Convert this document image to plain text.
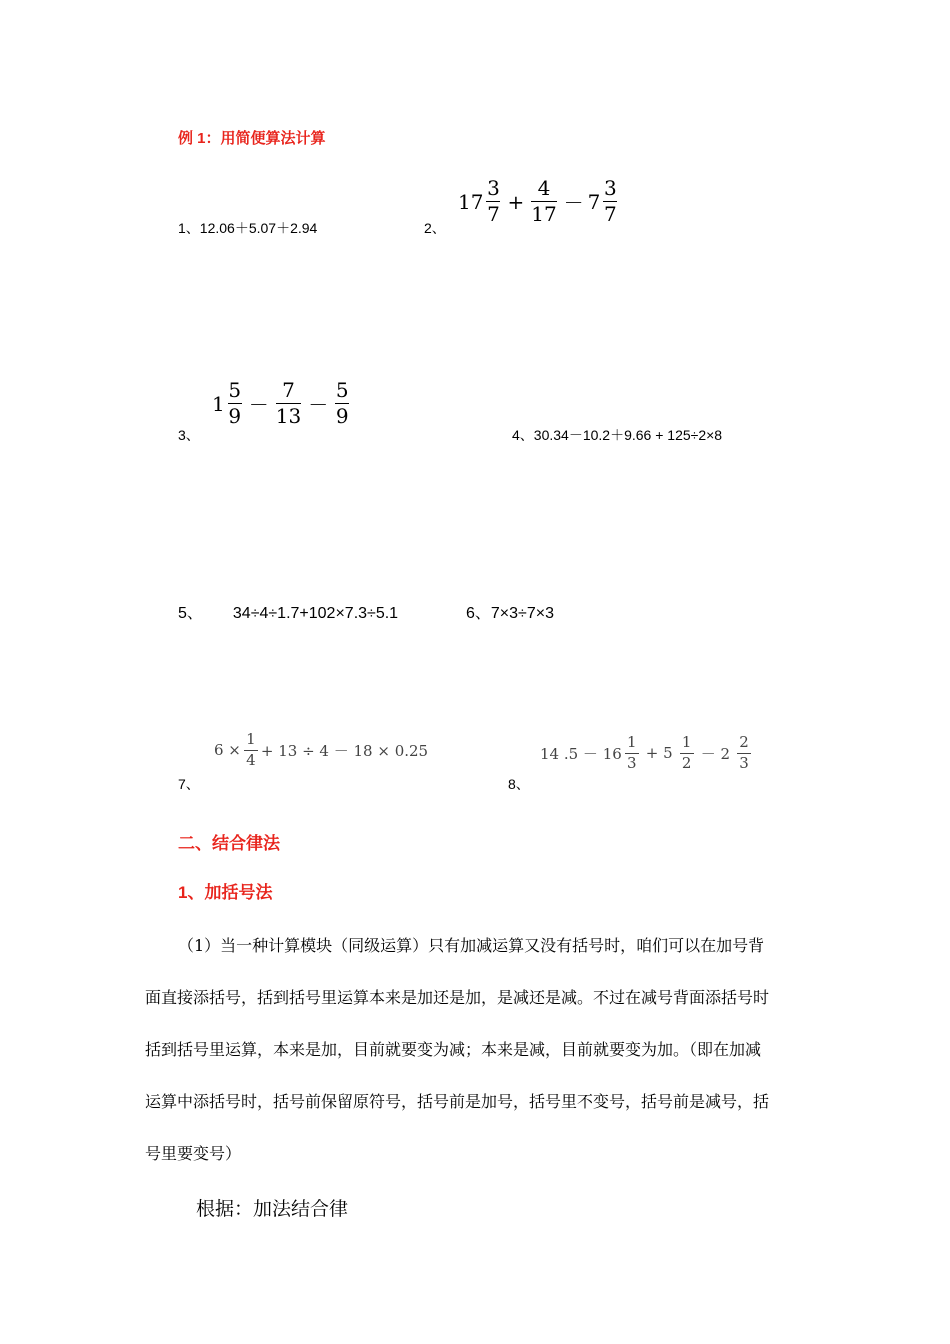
例 1：用简便算法计算
1、12.06＋5.07＋2.94	2、
$17 \frac{3}{7} + \frac{4}{17} - 7 \frac{3}{7}$
3、
$1 \frac{5}{9} - \frac{7}{13} - \frac{5}{9}$
4、30.34－10.2＋9.66 + 125÷2×8
5、 34÷4÷1.7+102×7.3÷5.1	6、7×3÷7×3
7、
$6 \times \frac{1}{4} + 13 \div 4 - 18 \times 0.25$
8、
14 $.5 - 16 \frac{1}{3} + 5 \frac{1}{2} - 2 \frac{2}{3}$
二、结合律法
1、加括号法
（1）当一种计算模块（同级运算）只有加减运算又没有括号时，咱们可以在加号背
面直接添括号，括到括号里运算本来是加还是加，是减还是减。不过在减号背面添括号时
括到括号里运算，本来是加，目前就要变为减；本来是减，目前就要变为加。（即在加减
运算中添括号时，括号前保留原符号，括号前是加号，括号里不变号，括号前是减号，括
号里要变号）
根据：加法结合律
